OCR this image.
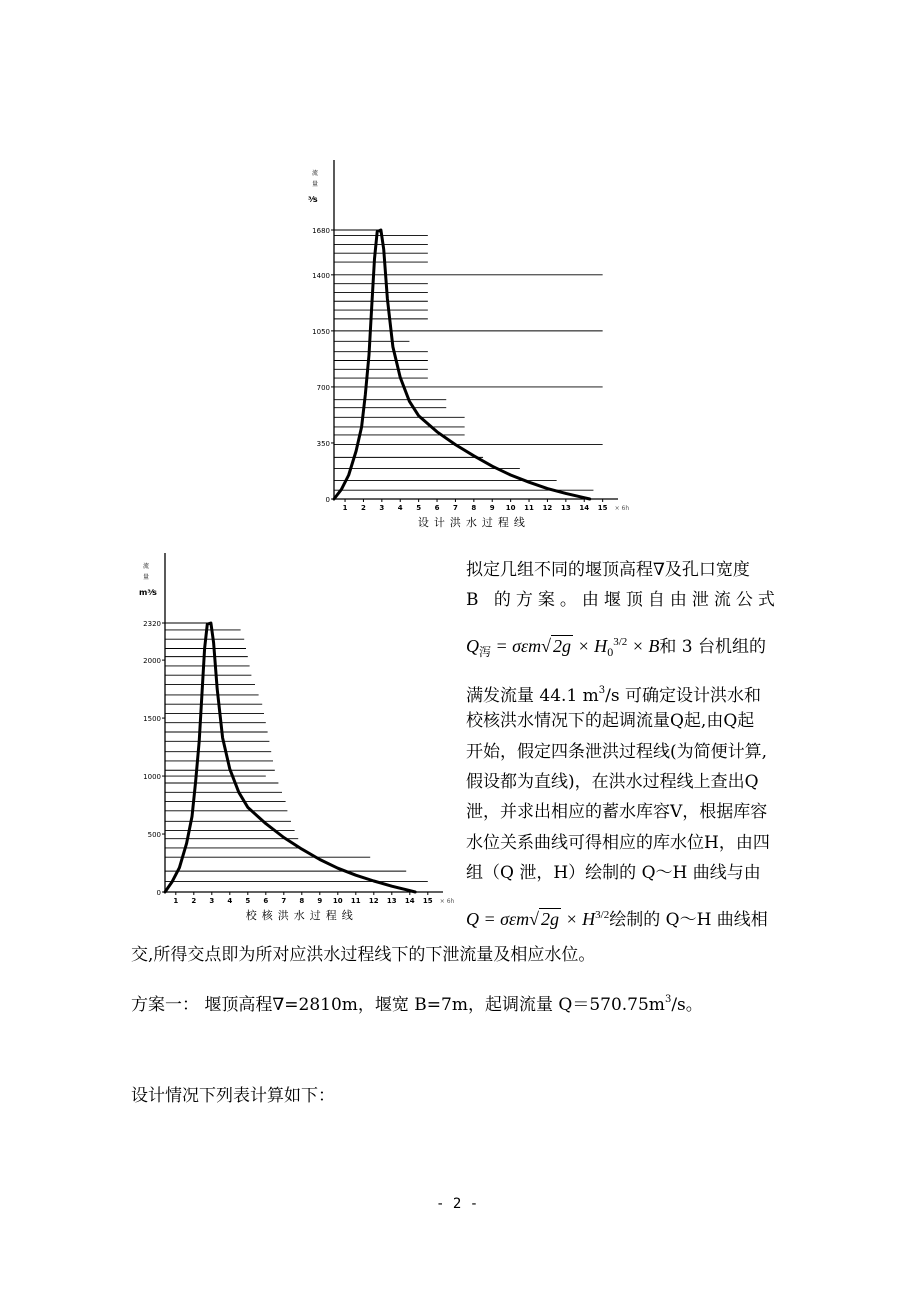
流
量
³⁄s
0
350
700
1050
1400
1680
1 2 3 4 5 6 7 8 9 10 11 12 13 14 15 × 6h
设计洪水过程线
流
量
m³⁄s
0
500
1000
1500
2000
2320
1 2 3 4 5 6 7 8 9 10 11 12 13 14 15 × 6h
校核洪水过程线
拟定几组不同的堰顶高程∇及孔口宽度
B 的方案。由堰顶自由泄流公式
$Q_泻 = \sigma\varepsilon m√$ $2g \times H_0^{3/2} \times B$和 3 台机组的
满发流量 44.1 $m^3/s$ 可确定设计洪水和
校核洪水情况下的起调流量Q起,由Q起
开始，假定四条泄洪过程线(为简便计算,
假设都为直线)，在洪水过程线上查出Q
泄，并求出相应的蓄水库容V，根据库容
水位关系曲线可得相应的库水位H，由四
组（Q 泄，H）绘制的 Q～H 曲线与由
Q = σεm√ $2g \times H^{3/2}$绘制的 Q～H 曲线相
交,所得交点即为所对应洪水过程线下的下泄流量及相应水位。
方案一： 堰顶高程∇=2810m，堰宽 B=7m，起调流量 $Q=570.75m^3/s$。
设计情况下列表计算如下：
- 2 -
